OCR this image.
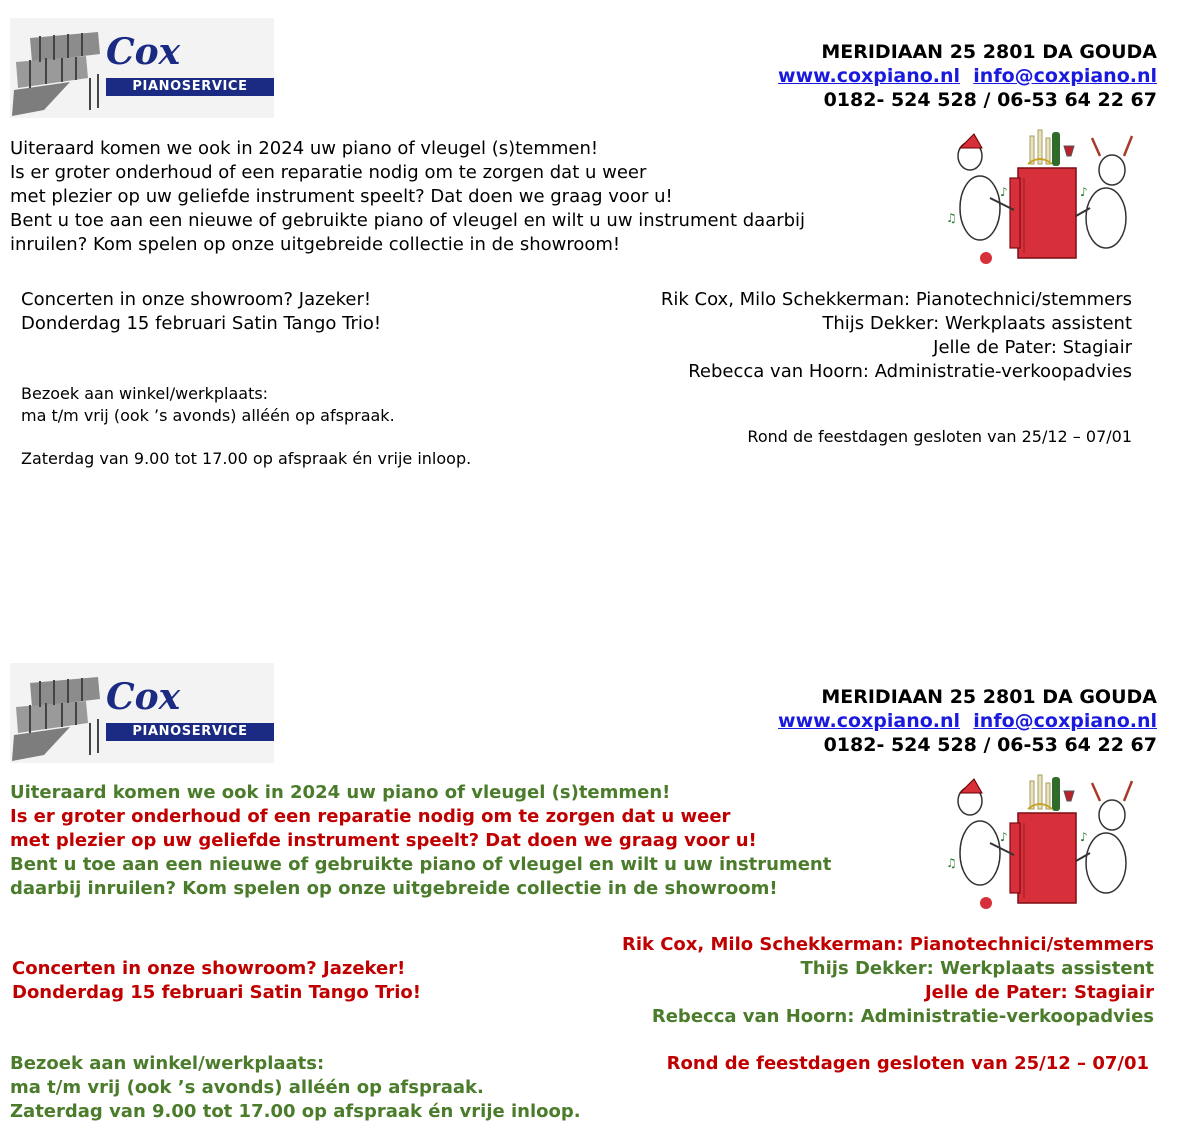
Cox
PIANOSERVICE
MERIDIAAN 25 2801 DA GOUDA
www.coxpiano.nl info@coxpiano.nl
0182- 524 528 / 06-53 64 22 67
Uiteraard komen we ook in 2024 uw piano of vleugel (s)temmen!
Is er groter onderhoud of een reparatie nodig om te zorgen dat u weer
met plezier op uw geliefde instrument speelt? Dat doen we graag voor u!
Bent u toe aan een nieuwe of gebruikte piano of vleugel en wilt u uw instrument daarbij
inruilen? Kom spelen op onze uitgebreide collectie in de showroom!
♪
♫
♪
Concerten in onze showroom? Jazeker!
Donderdag 15 februari Satin Tango Trio!
Rik Cox, Milo Schekkerman: Pianotechnici/stemmers
Thijs Dekker: Werkplaats assistent
Jelle de Pater: Stagiair
Rebecca van Hoorn: Administratie-verkoopadvies
Bezoek aan winkel/werkplaats:
ma t/m vrij (ook ’s avonds) alléén op afspraak.
Rond de feestdagen gesloten van 25/12 – 07/01
Zaterdag van 9.00 tot 17.00 op afspraak én vrije inloop.
Cox
PIANOSERVICE
MERIDIAAN 25 2801 DA GOUDA
www.coxpiano.nl info@coxpiano.nl
0182- 524 528 / 06-53 64 22 67
Uiteraard komen we ook in 2024 uw piano of vleugel (s)temmen!
Is er groter onderhoud of een reparatie nodig om te zorgen dat u weer
met plezier op uw geliefde instrument speelt? Dat doen we graag voor u!
Bent u toe aan een nieuwe of gebruikte piano of vleugel en wilt u uw instrument
daarbij inruilen? Kom spelen op onze uitgebreide collectie in de showroom!
♪
♫
♪
Rik Cox, Milo Schekkerman: Pianotechnici/stemmers
Thijs Dekker: Werkplaats assistent
Jelle de Pater: Stagiair
Rebecca van Hoorn: Administratie-verkoopadvies
Concerten in onze showroom? Jazeker!
Donderdag 15 februari Satin Tango Trio!
Bezoek aan winkel/werkplaats:
ma t/m vrij (ook ’s avonds) alléén op afspraak.
Zaterdag van 9.00 tot 17.00 op afspraak én vrije inloop.
Rond de feestdagen gesloten van 25/12 – 07/01
